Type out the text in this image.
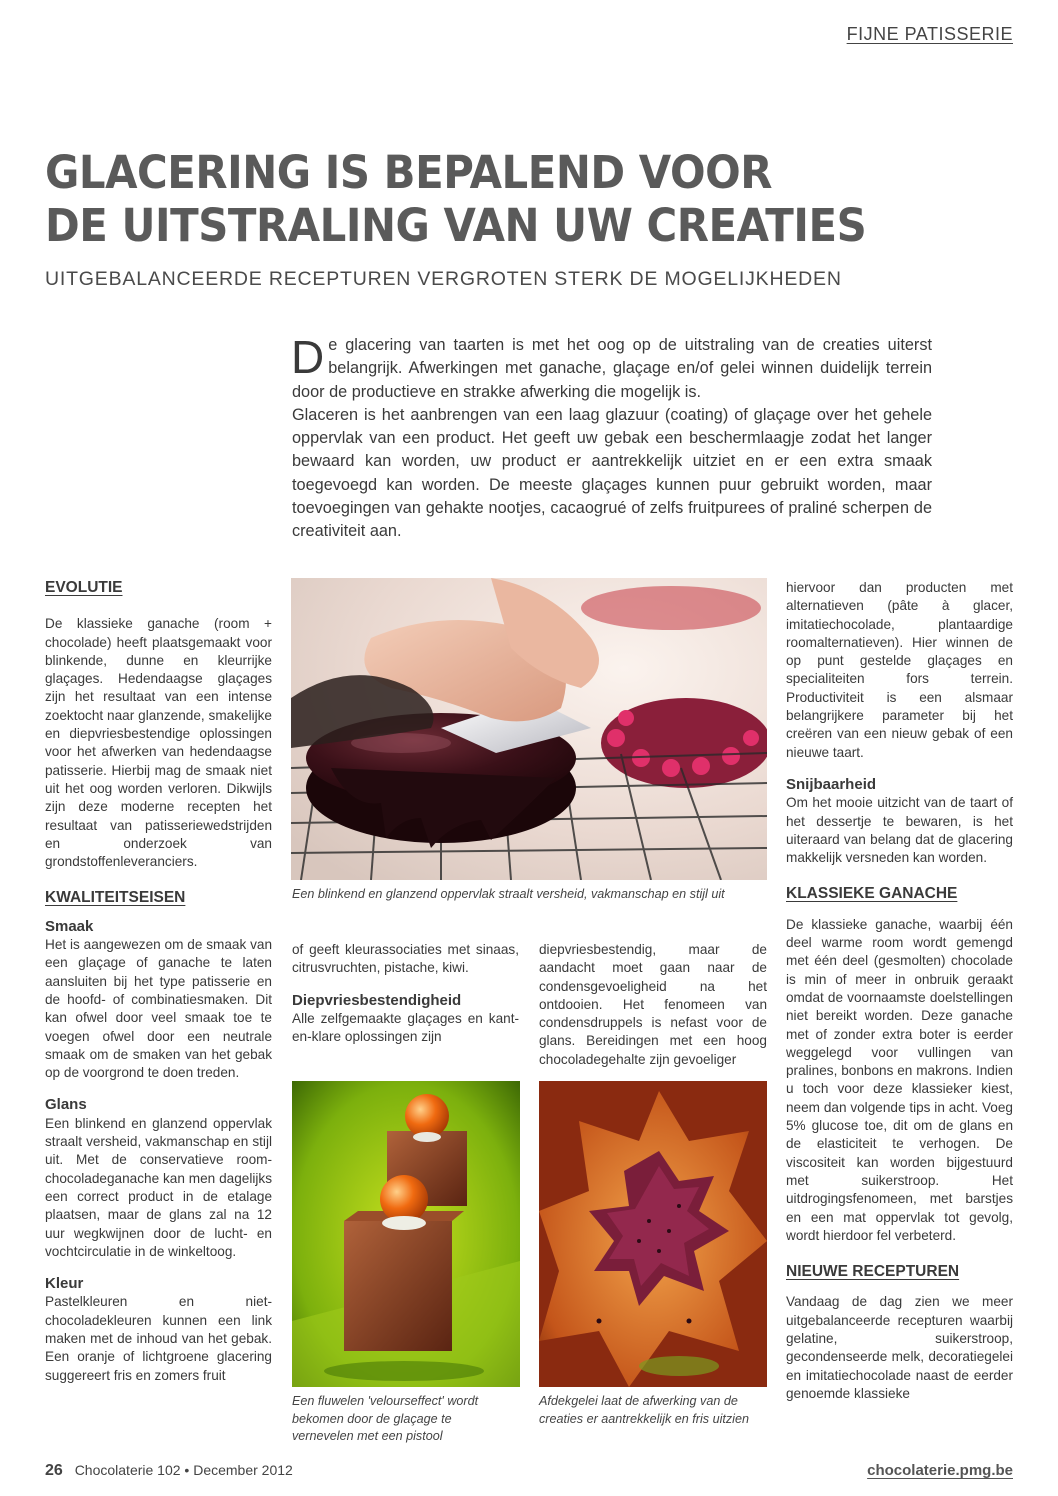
FIJNE PATISSERIE
GLACERING IS BEPALEND VOOR
DE UITSTRALING VAN UW CREATIES
UITGEBALANCEERDE RECEPTUREN VERGROTEN STERK DE MOGELIJKHEDEN

De glacering van taarten is met het oog op de uitstraling van de creaties uiterst belangrijk. Afwerkingen met ganache, glaçage en/of gelei winnen duidelijk terrein door de productieve en strakke afwerking die mogelijk is.

Glaceren is het aanbrengen van een laag glazuur (coating) of glaçage over het gehele oppervlak van een product. Het geeft uw gebak een beschermlaagje zodat het langer bewaard kan worden, uw product er aantrekkelijk uitziet en er een extra smaak toegevoegd kan worden. De meeste glaçages kunnen puur gebruikt worden, maar toevoegingen van gehakte nootjes, cacaogrué of zelfs fruitpurees of praliné scherpen de creativiteit aan.

EVOLUTIE

De klassieke ganache (room + chocolade) heeft plaatsgemaakt voor blinkende, dunne en kleurrijke glaçages. Hedendaagse glaçages zijn het resultaat van een intense zoektocht naar glanzende, smakelijke en diepvriesbestendige oplossingen voor het afwerken van hedendaagse patisserie. Hierbij mag de smaak niet uit het oog worden verloren. Dikwijls zijn deze moderne recepten het resultaat van patisseriewedstrijden en onderzoek van grondstoffenleveranciers.

KWALITEITSEISEN

Smaak

Het is aangewezen om de smaak van een glaçage of ganache te laten aansluiten bij het type patisserie en de hoofd- of combinatiesmaken. Dit kan ofwel door veel smaak toe te voegen ofwel door een neutrale smaak om de smaken van het gebak op de voorgrond te doen treden.

Glans

Een blinkend en glanzend oppervlak straalt versheid, vakmanschap en stijl uit. Met de conservatieve room-chocoladeganache kan men dagelijks een correct product in de etalage plaatsen, maar de glans zal na 12 uur wegkwijnen door de lucht- en vochtcirculatie in de winkeltoog.

Kleur

Pastelkleuren en niet-chocoladekleuren kunnen een link maken met de inhoud van het gebak. Een oranje of lichtgroene glacering suggereert fris en zomers fruit

Een blinkend en glanzend oppervlak straalt versheid, vakmanschap en stijl uit

of geeft kleurassociaties met sinaas, citrusvruchten, pistache, kiwi.

Diepvriesbestendigheid

Alle zelfgemaakte glaçages en kant-en-klare oplossingen zijn

diepvriesbestendig, maar de aandacht moet gaan naar de condensgevoeligheid na het ontdooien. Het fenomeen van condensdruppels is nefast voor de glans. Bereidingen met een hoog chocoladegehalte zijn gevoeliger

Een fluwelen 'velourseffect' wordt bekomen door de glaçage te vernevelen met een pistool
Afdekgelei laat de afwerking van de creaties er aantrekkelijk en fris uitzien

hiervoor dan producten met alternatieven (pâte à glacer, imitatiechocolade, plantaardige roomalternatieven). Hier winnen de op punt gestelde glaçages en specialiteiten fors terrein. Productiviteit is een alsmaar belangrijkere parameter bij het creëren van een nieuw gebak of een nieuwe taart.

Snijbaarheid

Om het mooie uitzicht van de taart of het dessertje te bewaren, is het uiteraard van belang dat de glacering makkelijk versneden kan worden.

KLASSIEKE GANACHE

De klassieke ganache, waarbij één deel warme room wordt gemengd met één deel (gesmolten) chocolade is min of meer in onbruik geraakt omdat de voornaamste doelstellingen niet bereikt worden. Deze ganache met of zonder extra boter is eerder weggelegd voor vullingen van pralines, bonbons en makrons. Indien u toch voor deze klassieker kiest, neem dan volgende tips in acht. Voeg 5% glucose toe, dit om de glans en de elasticiteit te verhogen. De viscositeit kan worden bijgestuurd met suikerstroop. Het uitdrogingsfenomeen, met barstjes en een mat oppervlak tot gevolg, wordt hierdoor fel verbeterd.

NIEUWE RECEPTUREN

Vandaag de dag zien we meer uitgebalanceerde recepturen waarbij gelatine, suikerstroop, gecondenseerde melk, decoratiegelei en imitatiechocolade naast de eerder genoemde klassieke

26 Chocolaterie 102 • December 2012	chocolaterie.pmg.be
